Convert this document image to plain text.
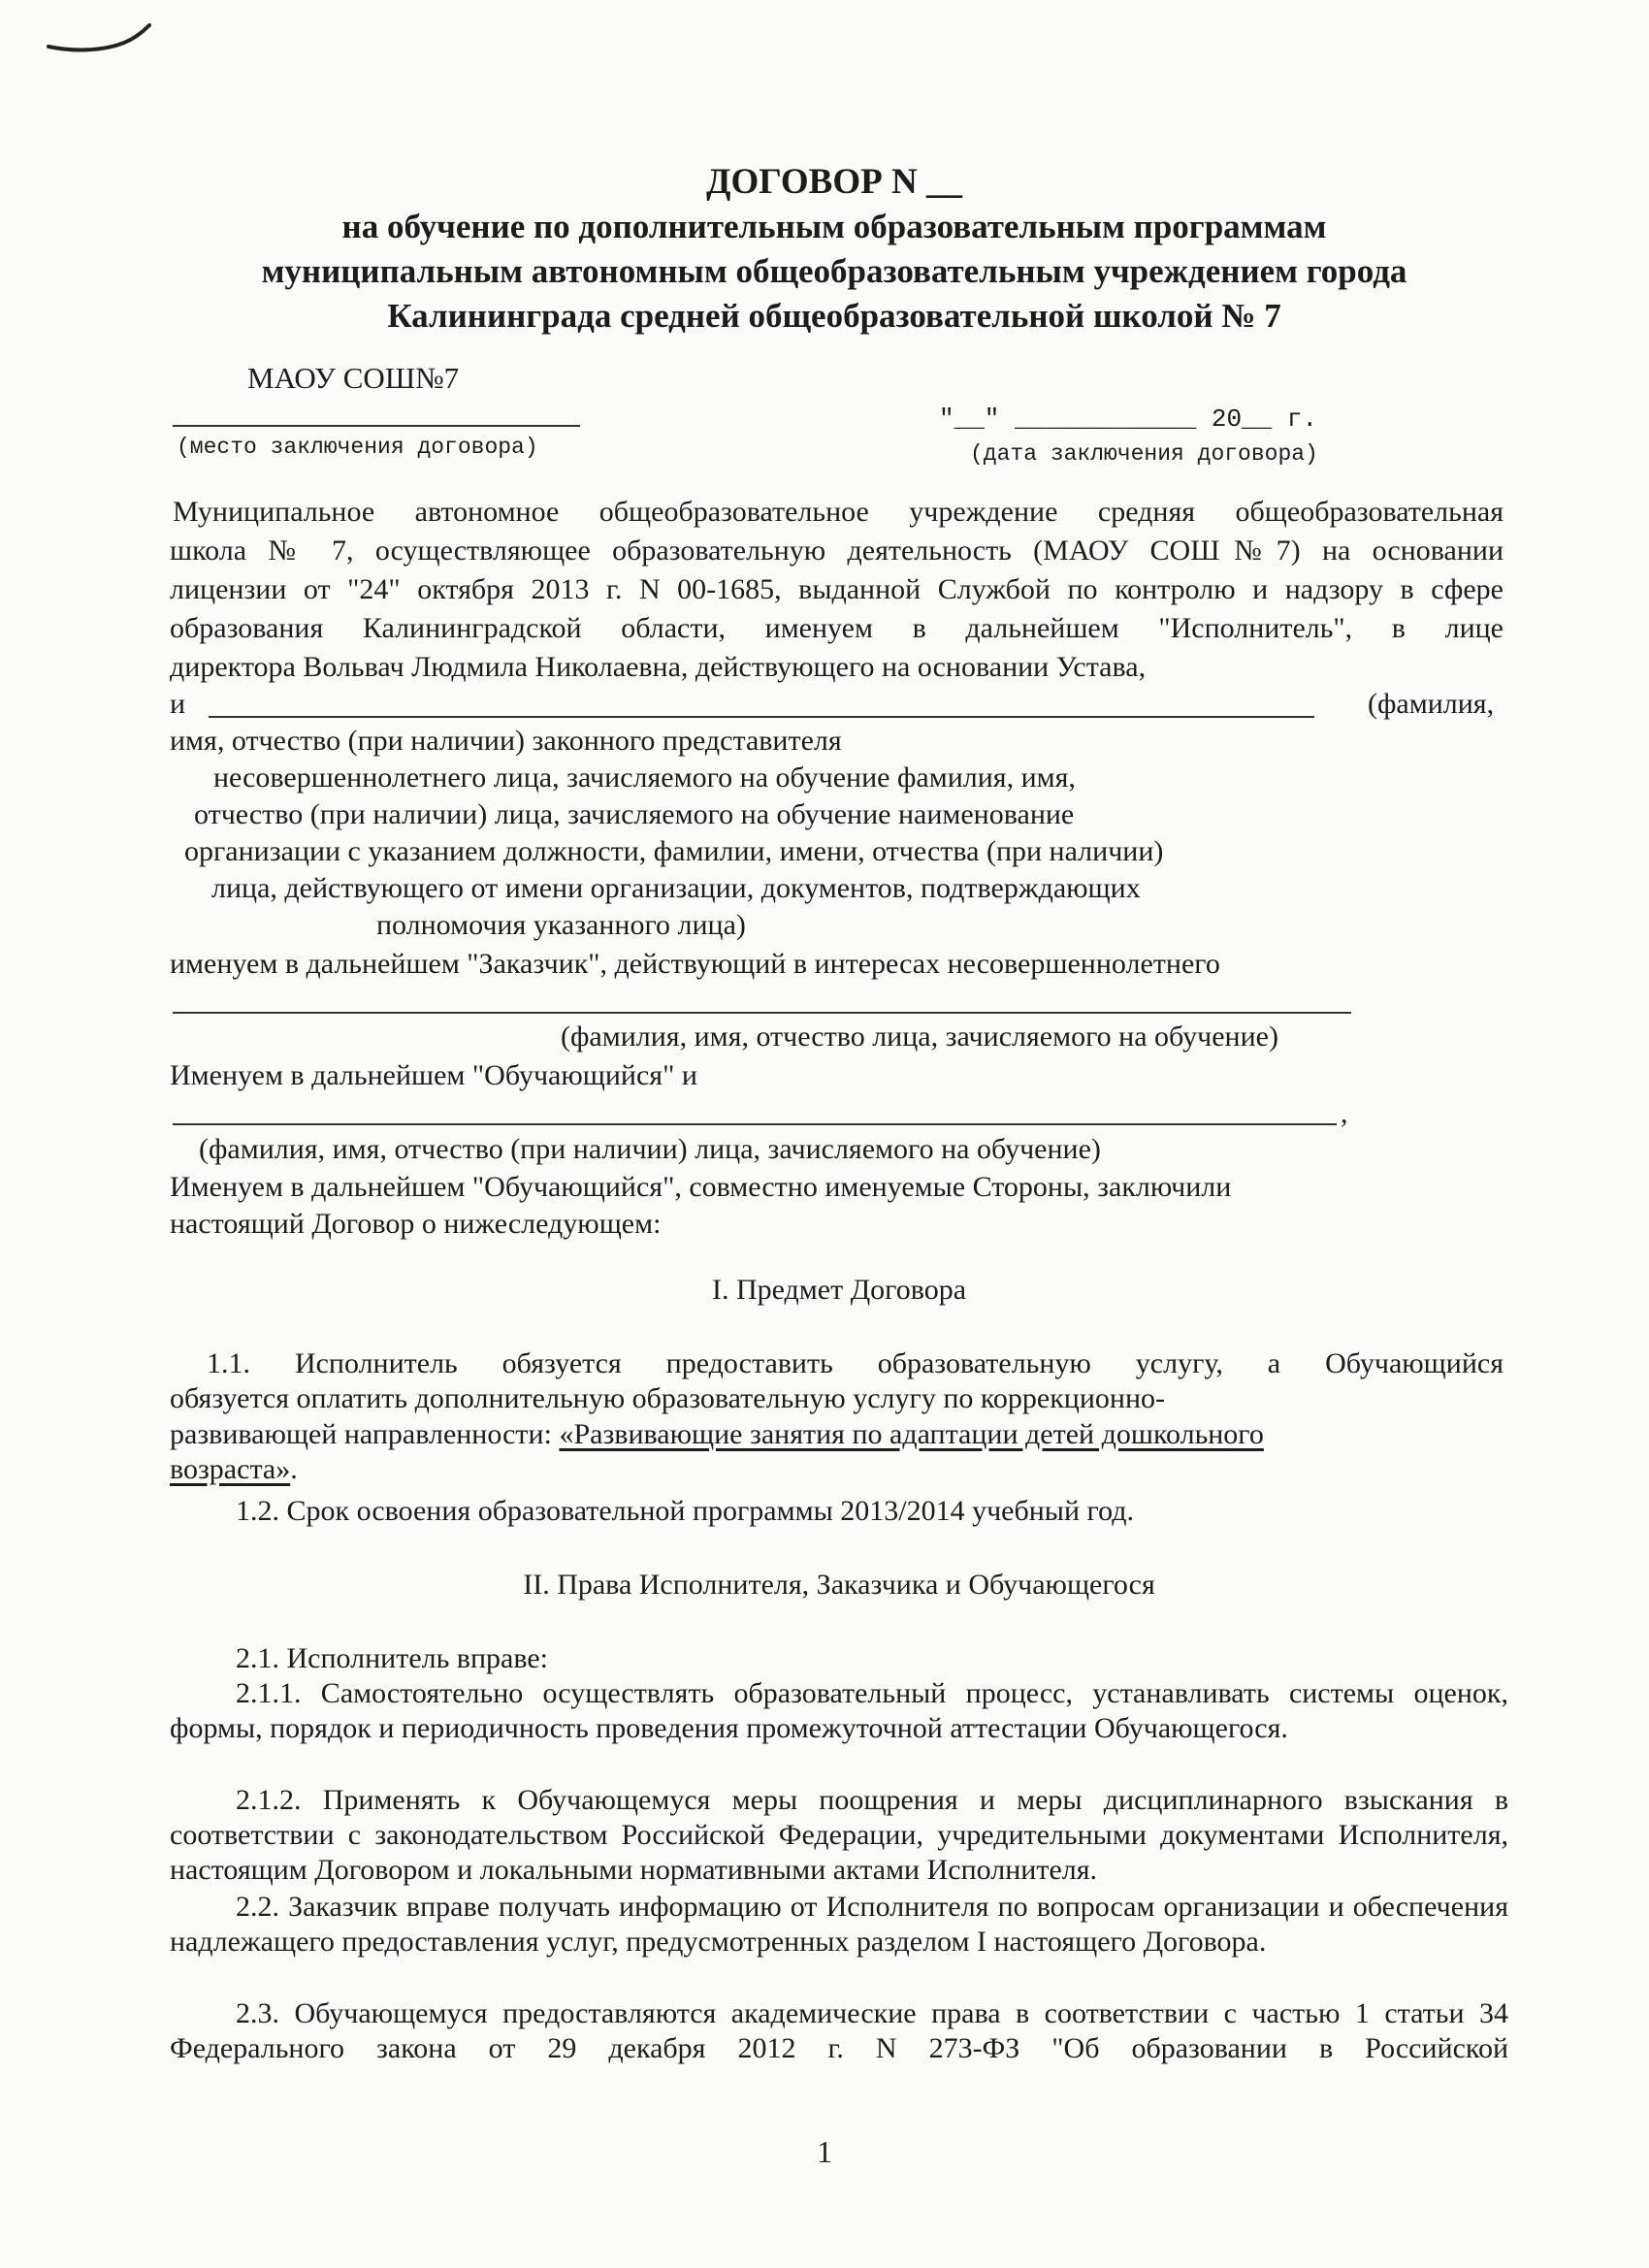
ДОГОВОР N __
на обучение по дополнительным образовательным программам
муниципальным автономным общеобразовательным учреждением города
Калининграда средней общеобразовательной школой № 7
МАОУ СОШ№7
(место заключения договора)
"__" ____________ 20__ г.
(дата заключения договора)
Муниципальное автономное общеобразовательное учреждение средняя общеобразовательная
школа № 7, осуществляющее образовательную деятельность (МАОУ СОШ№7) на основании
лицензии от "24" октября 2013 г. N 00-1685, выданной Службой по контролю и надзору в сфере
образования Калининградской области, именуем в дальнейшем "Исполнитель", в лице
директора Вольвач Людмила Николаевна, действующего на основании Устава,
и	(фамилия,
имя, отчество (при наличии) законного представителя
несовершеннолетнего лица, зачисляемого на обучение фамилия, имя,
отчество (при наличии) лица, зачисляемого на обучение наименование
организации с указанием должности, фамилии, имени, отчества (при наличии)
лица, действующего от имени организации, документов, подтверждающих
полномочия указанного лица)
именуем в дальнейшем "Заказчик", действующий в интересах несовершеннолетнего
(фамилия, имя, отчество лица, зачисляемого на обучение)
Именуем в дальнейшем "Обучающийся" и
,
(фамилия, имя, отчество (при наличии) лица, зачисляемого на обучение)
Именуем в дальнейшем "Обучающийся", совместно именуемые Стороны, заключили
настоящий Договор о нижеследующем:
I. Предмет Договора
1.1. Исполнитель обязуется предоставить образовательную услугу, а Обучающийся
обязуется оплатить дополнительную образовательную услугу по коррекционно-
развивающей направленности: «Развивающие занятия по адаптации детей дошкольного
возраста».
1.2. Срок освоения образовательной программы 2013/2014 учебный год.
II. Права Исполнителя, Заказчика и Обучающегося
2.1. Исполнитель вправе:
2.1.1. Самостоятельно осуществлять образовательный процесс, устанавливать системы оценок, формы, порядок и периодичность проведения промежуточной аттестации Обучающегося.
2.1.2. Применять к Обучающемуся меры поощрения и меры дисциплинарного взыскания в соответствии с законодательством Российской Федерации, учредительными документами Исполнителя, настоящим Договором и локальными нормативными актами Исполнителя.
2.2. Заказчик вправе получать информацию от Исполнителя по вопросам организации и обеспечения надлежащего предоставления услуг, предусмотренных разделом I настоящего Договора.
2.3. Обучающемуся предоставляются академические права в соответствии с частью 1 статьи 34 Федерального закона от 29 декабря 2012 г. N 273-ФЗ "Об образовании в Российской
1
